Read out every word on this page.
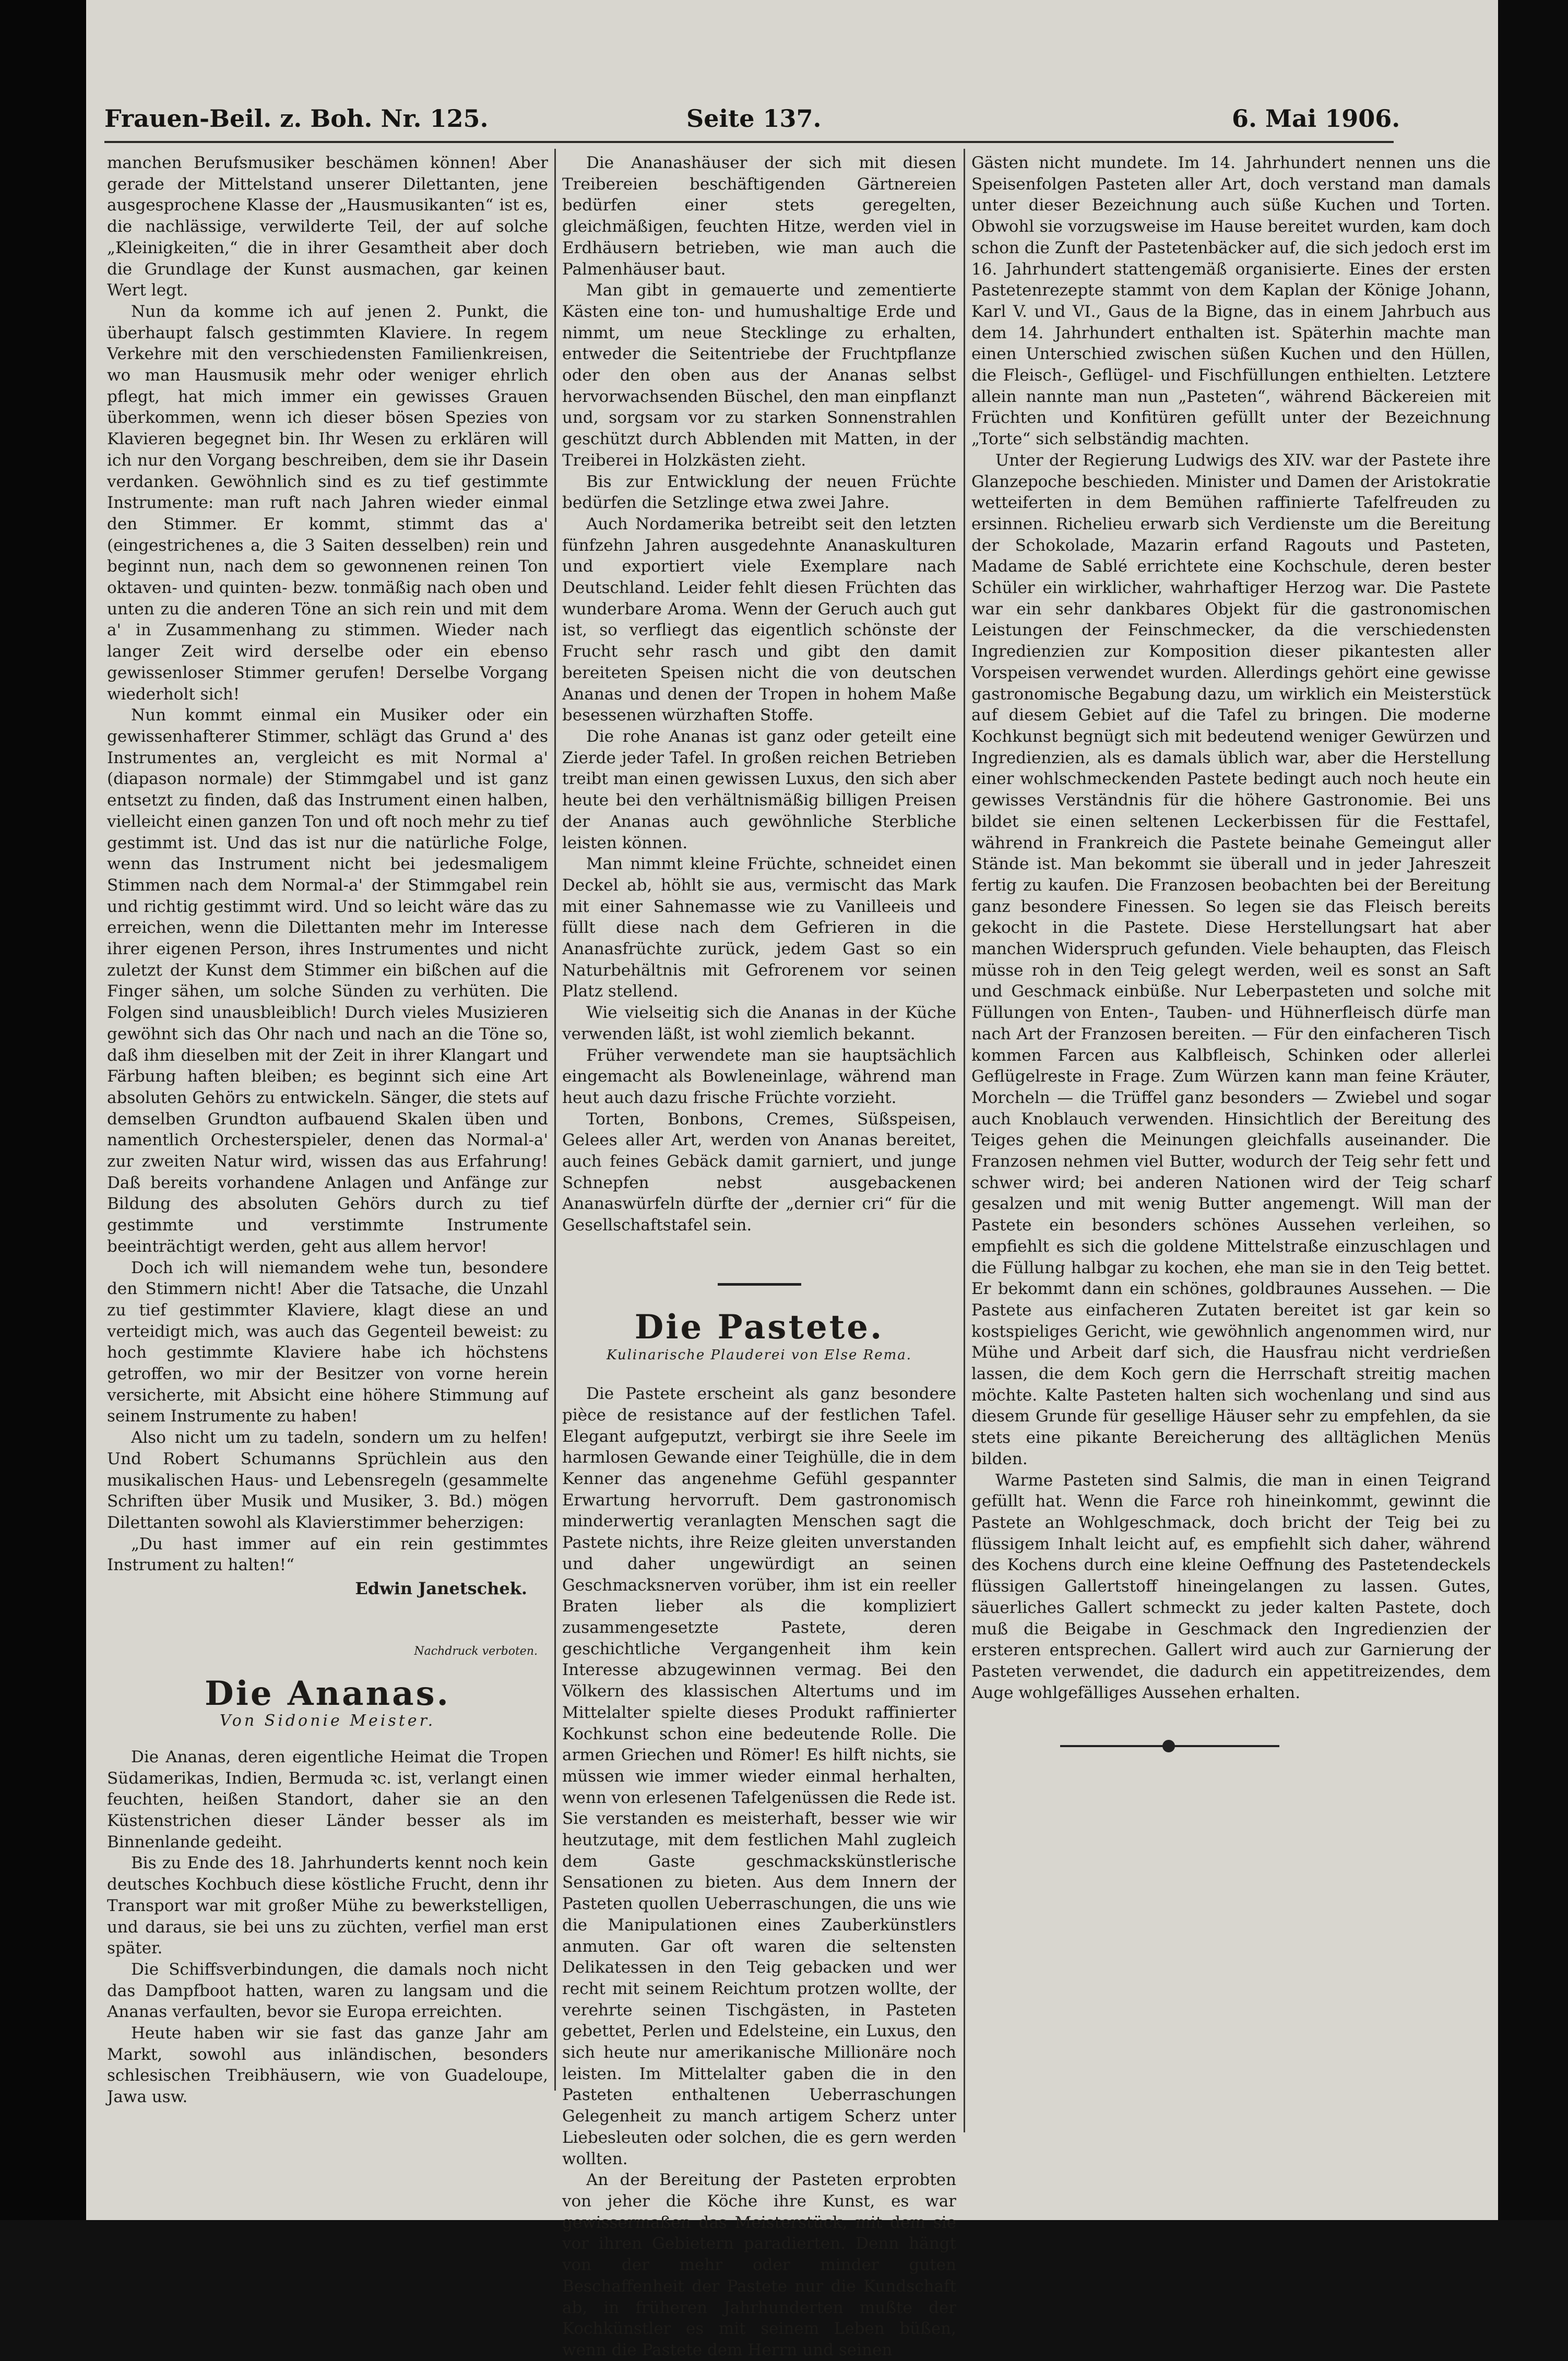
Frauen-Beil. z. Boh. Nr. 125.	Seite 137.	6. Mai 1906.

manchen Berufsmusiker beschämen können! Aber gerade der Mittelstand unserer Dilettanten, jene ausgesprochene Klasse der „Hausmusikanten“ ist es, die nachlässige, verwilderte Teil, der auf solche „Kleinigkeiten,“ die in ihrer Gesamtheit aber doch die Grundlage der Kunst ausmachen, gar keinen Wert legt.

Nun da komme ich auf jenen 2. Punkt, die überhaupt falsch gestimmten Klaviere. In regem Verkehre mit den verschiedensten Familienkreisen, wo man Hausmusik mehr oder weniger ehrlich pflegt, hat mich immer ein gewisses Grauen überkommen, wenn ich dieser bösen Spezies von Klavieren begegnet bin. Ihr Wesen zu erklären will ich nur den Vorgang beschreiben, dem sie ihr Dasein verdanken. Gewöhnlich sind es zu tief gestimmte Instrumente: man ruft nach Jahren wieder einmal den Stimmer. Er kommt, stimmt das a' (eingestrichenes a, die 3 Saiten desselben) rein und beginnt nun, nach dem so gewonnenen reinen Ton oktaven- und quinten- bezw. tonmäßig nach oben und unten zu die anderen Töne an sich rein und mit dem a' in Zusammenhang zu stimmen. Wieder nach langer Zeit wird derselbe oder ein ebenso gewissenloser Stimmer gerufen! Derselbe Vorgang wiederholt sich!

Nun kommt einmal ein Musiker oder ein gewissenhafterer Stimmer, schlägt das Grund a' des Instrumentes an, vergleicht es mit Normal a' (diapason normale) der Stimmgabel und ist ganz entsetzt zu finden, daß das Instrument einen halben, vielleicht einen ganzen Ton und oft noch mehr zu tief gestimmt ist. Und das ist nur die natürliche Folge, wenn das Instrument nicht bei jedesmaligem Stimmen nach dem Normal-a' der Stimmgabel rein und richtig gestimmt wird. Und so leicht wäre das zu erreichen, wenn die Dilettanten mehr im Interesse ihrer eigenen Person, ihres Instrumentes und nicht zuletzt der Kunst dem Stimmer ein bißchen auf die Finger sähen, um solche Sünden zu verhüten. Die Folgen sind unausbleiblich! Durch vieles Musizieren gewöhnt sich das Ohr nach und nach an die Töne so, daß ihm dieselben mit der Zeit in ihrer Klangart und Färbung haften bleiben; es beginnt sich eine Art absoluten Gehörs zu entwickeln. Sänger, die stets auf demselben Grundton aufbauend Skalen üben und namentlich Orchesterspieler, denen das Normal-a' zur zweiten Natur wird, wissen das aus Erfahrung! Daß bereits vorhandene Anlagen und Anfänge zur Bildung des absoluten Gehörs durch zu tief gestimmte und verstimmte Instrumente beeinträchtigt werden, geht aus allem hervor!

Doch ich will niemandem wehe tun, besondere den Stimmern nicht! Aber die Tatsache, die Unzahl zu tief gestimmter Klaviere, klagt diese an und verteidigt mich, was auch das Gegenteil beweist: zu hoch gestimmte Klaviere habe ich höchstens getroffen, wo mir der Besitzer von vorne herein versicherte, mit Absicht eine höhere Stimmung auf seinem Instrumente zu haben!

Also nicht um zu tadeln, sondern um zu helfen! Und Robert Schumanns Sprüchlein aus den musikalischen Haus- und Lebensregeln (gesammelte Schriften über Musik und Musiker, 3. Bd.) mögen Dilettanten sowohl als Klavierstimmer beherzigen:

„Du hast immer auf ein rein gestimmtes Instrument zu halten!“

Edwin Janetschek.
Nachdruck verboten.
Die Ananas.
Von Sidonie Meister.

Die Ananas, deren eigentliche Heimat die Tropen Südamerikas, Indien, Bermuda ꝛc. ist, verlangt einen feuchten, heißen Standort, daher sie an den Küstenstrichen dieser Länder besser als im Binnenlande gedeiht.

Bis zu Ende des 18. Jahrhunderts kennt noch kein deutsches Kochbuch diese köstliche Frucht, denn ihr Transport war mit großer Mühe zu bewerkstelligen, und daraus, sie bei uns zu züchten, verfiel man erst später.

Die Schiffsverbindungen, die damals noch nicht das Dampfboot hatten, waren zu langsam und die Ananas verfaulten, bevor sie Europa erreichten.

Heute haben wir sie fast das ganze Jahr am Markt, sowohl aus inländischen, besonders schlesischen Treibhäusern, wie von Guadeloupe, Jawa usw.

Die Ananashäuser der sich mit diesen Treibereien beschäftigenden Gärtnereien bedürfen einer stets geregelten, gleichmäßigen, feuchten Hitze, werden viel in Erdhäusern betrieben, wie man auch die Palmenhäuser baut.

Man gibt in gemauerte und zementierte Kästen eine ton- und humushaltige Erde und nimmt, um neue Stecklinge zu erhalten, entweder die Seitentriebe der Fruchtpflanze oder den oben aus der Ananas selbst hervorwachsenden Büschel, den man einpflanzt und, sorgsam vor zu starken Sonnenstrahlen geschützt durch Abblenden mit Matten, in der Treiberei in Holzkästen zieht.

Bis zur Entwicklung der neuen Früchte bedürfen die Setzlinge etwa zwei Jahre.

Auch Nordamerika betreibt seit den letzten fünfzehn Jahren ausgedehnte Ananaskulturen und exportiert viele Exemplare nach Deutschland. Leider fehlt diesen Früchten das wunderbare Aroma. Wenn der Geruch auch gut ist, so verfliegt das eigentlich schönste der Frucht sehr rasch und gibt den damit bereiteten Speisen nicht die von deutschen Ananas und denen der Tropen in hohem Maße besessenen würzhaften Stoffe.

Die rohe Ananas ist ganz oder geteilt eine Zierde jeder Tafel. In großen reichen Betrieben treibt man einen gewissen Luxus, den sich aber heute bei den verhältnismäßig billigen Preisen der Ananas auch gewöhnliche Sterbliche leisten können.

Man nimmt kleine Früchte, schneidet einen Deckel ab, höhlt sie aus, vermischt das Mark mit einer Sahnemasse wie zu Vanilleeis und füllt diese nach dem Gefrieren in die Ananasfrüchte zurück, jedem Gast so ein Naturbehältnis mit Gefrorenem vor seinen Platz stellend.

Wie vielseitig sich die Ananas in der Küche verwenden läßt, ist wohl ziemlich bekannt.

Früher verwendete man sie hauptsächlich eingemacht als Bowleneinlage, während man heut auch dazu frische Früchte vorzieht.

Torten, Bonbons, Cremes, Süßspeisen, Gelees aller Art, werden von Ananas bereitet, auch feines Gebäck damit garniert, und junge Schnepfen nebst ausgebackenen Ananaswürfeln dürfte der „dernier cri“ für die Gesellschaftstafel sein.

Die Pastete.
Kulinarische Plauderei von Else Rema.

Die Pastete erscheint als ganz besondere pièce de resistance auf der festlichen Tafel. Elegant aufgeputzt, verbirgt sie ihre Seele im harmlosen Gewande einer Teighülle, die in dem Kenner das angenehme Gefühl gespannter Erwartung hervorruft. Dem gastronomisch minderwertig veranlagten Menschen sagt die Pastete nichts, ihre Reize gleiten unverstanden und daher ungewürdigt an seinen Geschmacksnerven vorüber, ihm ist ein reeller Braten lieber als die kompliziert zusammengesetzte Pastete, deren geschichtliche Vergangenheit ihm kein Interesse abzugewinnen vermag. Bei den Völkern des klassischen Altertums und im Mittelalter spielte dieses Produkt raffinierter Kochkunst schon eine bedeutende Rolle. Die armen Griechen und Römer! Es hilft nichts, sie müssen wie immer wieder einmal herhalten, wenn von erlesenen Tafelgenüssen die Rede ist. Sie verstanden es meisterhaft, besser wie wir heutzutage, mit dem festlichen Mahl zugleich dem Gaste geschmackskünstlerische Sensationen zu bieten. Aus dem Innern der Pasteten quollen Ueberraschungen, die uns wie die Manipulationen eines Zauberkünstlers anmuten. Gar oft waren die seltensten Delikatessen in den Teig gebacken und wer recht mit seinem Reichtum protzen wollte, der verehrte seinen Tischgästen, in Pasteten gebettet, Perlen und Edelsteine, ein Luxus, den sich heute nur amerikanische Millionäre noch leisten. Im Mittelalter gaben die in den Pasteten enthaltenen Ueberraschungen Gelegenheit zu manch artigem Scherz unter Liebesleuten oder solchen, die es gern werden wollten.

An der Bereitung der Pasteten erprobten von jeher die Köche ihre Kunst, es war gewissermaßen das Meisterstück, mit dem sie vor ihren Gebietern paradierten. Denn hängt von der mehr oder minder guten Beschaffenheit der Pastete nur die Kundschaft ab, in früheren Jahrhunderten mußte der Kochkünstler es mit seinem Leben büßen, wenn die Pastete dem Herrn und seinen

Gästen nicht mundete. Im 14. Jahrhundert nennen uns die Speisenfolgen Pasteten aller Art, doch verstand man damals unter dieser Bezeichnung auch süße Kuchen und Torten. Obwohl sie vorzugsweise im Hause bereitet wurden, kam doch schon die Zunft der Pastetenbäcker auf, die sich jedoch erst im 16. Jahrhundert stattengemäß organisierte. Eines der ersten Pastetenrezepte stammt von dem Kaplan der Könige Johann, Karl V. und VI., Gaus de la Bigne, das in einem Jahrbuch aus dem 14. Jahrhundert enthalten ist. Späterhin machte man einen Unterschied zwischen süßen Kuchen und den Hüllen, die Fleisch-, Geflügel- und Fischfüllungen enthielten. Letztere allein nannte man nun „Pasteten“, während Bäckereien mit Früchten und Konfitüren gefüllt unter der Bezeichnung „Torte“ sich selbständig machten.

Unter der Regierung Ludwigs des XIV. war der Pastete ihre Glanzepoche beschieden. Minister und Damen der Aristokratie wetteiferten in dem Bemühen raffinierte Tafelfreuden zu ersinnen. Richelieu erwarb sich Verdienste um die Bereitung der Schokolade, Mazarin erfand Ragouts und Pasteten, Madame de Sablé errichtete eine Kochschule, deren bester Schüler ein wirklicher, wahrhaftiger Herzog war. Die Pastete war ein sehr dankbares Objekt für die gastronomischen Leistungen der Feinschmecker, da die verschiedensten Ingredienzien zur Komposition dieser pikantesten aller Vorspeisen verwendet wurden. Allerdings gehört eine gewisse gastronomische Begabung dazu, um wirklich ein Meisterstück auf diesem Gebiet auf die Tafel zu bringen. Die moderne Kochkunst begnügt sich mit bedeutend weniger Gewürzen und Ingredienzien, als es damals üblich war, aber die Herstellung einer wohlschmeckenden Pastete bedingt auch noch heute ein gewisses Verständnis für die höhere Gastronomie. Bei uns bildet sie einen seltenen Leckerbissen für die Festtafel, während in Frankreich die Pastete beinahe Gemeingut aller Stände ist. Man bekommt sie überall und in jeder Jahreszeit fertig zu kaufen. Die Franzosen beobachten bei der Bereitung ganz besondere Finessen. So legen sie das Fleisch bereits gekocht in die Pastete. Diese Herstellungsart hat aber manchen Widerspruch gefunden. Viele behaupten, das Fleisch müsse roh in den Teig gelegt werden, weil es sonst an Saft und Geschmack einbüße. Nur Leberpasteten und solche mit Füllungen von Enten-, Tauben- und Hühnerfleisch dürfe man nach Art der Franzosen bereiten. — Für den einfacheren Tisch kommen Farcen aus Kalbfleisch, Schinken oder allerlei Geflügelreste in Frage. Zum Würzen kann man feine Kräuter, Morcheln — die Trüffel ganz besonders — Zwiebel und sogar auch Knoblauch verwenden. Hinsichtlich der Bereitung des Teiges gehen die Meinungen gleichfalls auseinander. Die Franzosen nehmen viel Butter, wodurch der Teig sehr fett und schwer wird; bei anderen Nationen wird der Teig scharf gesalzen und mit wenig Butter angemengt. Will man der Pastete ein besonders schönes Aussehen verleihen, so empfiehlt es sich die goldene Mittelstraße einzuschlagen und die Füllung halbgar zu kochen, ehe man sie in den Teig bettet. Er bekommt dann ein schönes, goldbraunes Aussehen. — Die Pastete aus einfacheren Zutaten bereitet ist gar kein so kostspieliges Gericht, wie gewöhnlich angenommen wird, nur Mühe und Arbeit darf sich, die Hausfrau nicht verdrießen lassen, die dem Koch gern die Herrschaft streitig machen möchte. Kalte Pasteten halten sich wochenlang und sind aus diesem Grunde für gesellige Häuser sehr zu empfehlen, da sie stets eine pikante Bereicherung des alltäglichen Menüs bilden.

Warme Pasteten sind Salmis, die man in einen Teigrand gefüllt hat. Wenn die Farce roh hineinkommt, gewinnt die Pastete an Wohlgeschmack, doch bricht der Teig bei zu flüssigem Inhalt leicht auf, es empfiehlt sich daher, während des Kochens durch eine kleine Oeffnung des Pastetendeckels flüssigen Gallertstoff hineingelangen zu lassen. Gutes, säuerliches Gallert schmeckt zu jeder kalten Pastete, doch muß die Beigabe in Geschmack den Ingredienzien der ersteren entsprechen. Gallert wird auch zur Garnierung der Pasteten verwendet, die dadurch ein appetitreizendes, dem Auge wohlgefälliges Aussehen erhalten.
